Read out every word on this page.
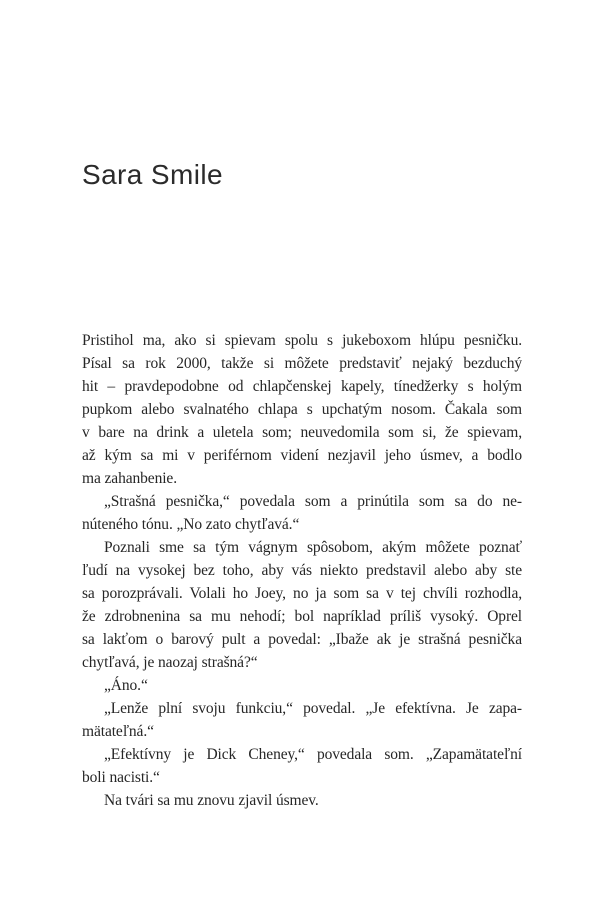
Sara Smile
Pristihol ma, ako si spievam spolu s jukeboxom hlúpu pesničku.
Písal sa rok 2000, takže si môžete predstaviť nejaký bezduchý
hit – pravdepodobne od chlapčenskej kapely, tínedžerky s holým
pupkom alebo svalnatého chlapa s upchatým nosom. Čakala som
v bare na drink a uletela som; neuvedomila som si, že spievam,
až kým sa mi v periférnom videní nezjavil jeho úsmev, a bodlo
ma zahanbenie.
„Strašná pesnička,“ povedala som a prinútila som sa do ne-
núteného tónu. „No zato chytľavá.“
Poznali sme sa tým vágnym spôsobom, akým môžete poznať
ľudí na vysokej bez toho, aby vás niekto predstavil alebo aby ste
sa porozprávali. Volali ho Joey, no ja som sa v tej chvíli rozhodla,
že zdrobnenina sa mu nehodí; bol napríklad príliš vysoký. Oprel
sa lakťom o barový pult a povedal: „Ibaže ak je strašná pesnička
chytľavá, je naozaj strašná?“
„Áno.“
„Lenže plní svoju funkciu,“ povedal. „Je efektívna. Je zapa-
mätateľná.“
„Efektívny je Dick Cheney,“ povedala som. „Zapamätateľní
boli nacisti.“
Na tvári sa mu znovu zjavil úsmev.
